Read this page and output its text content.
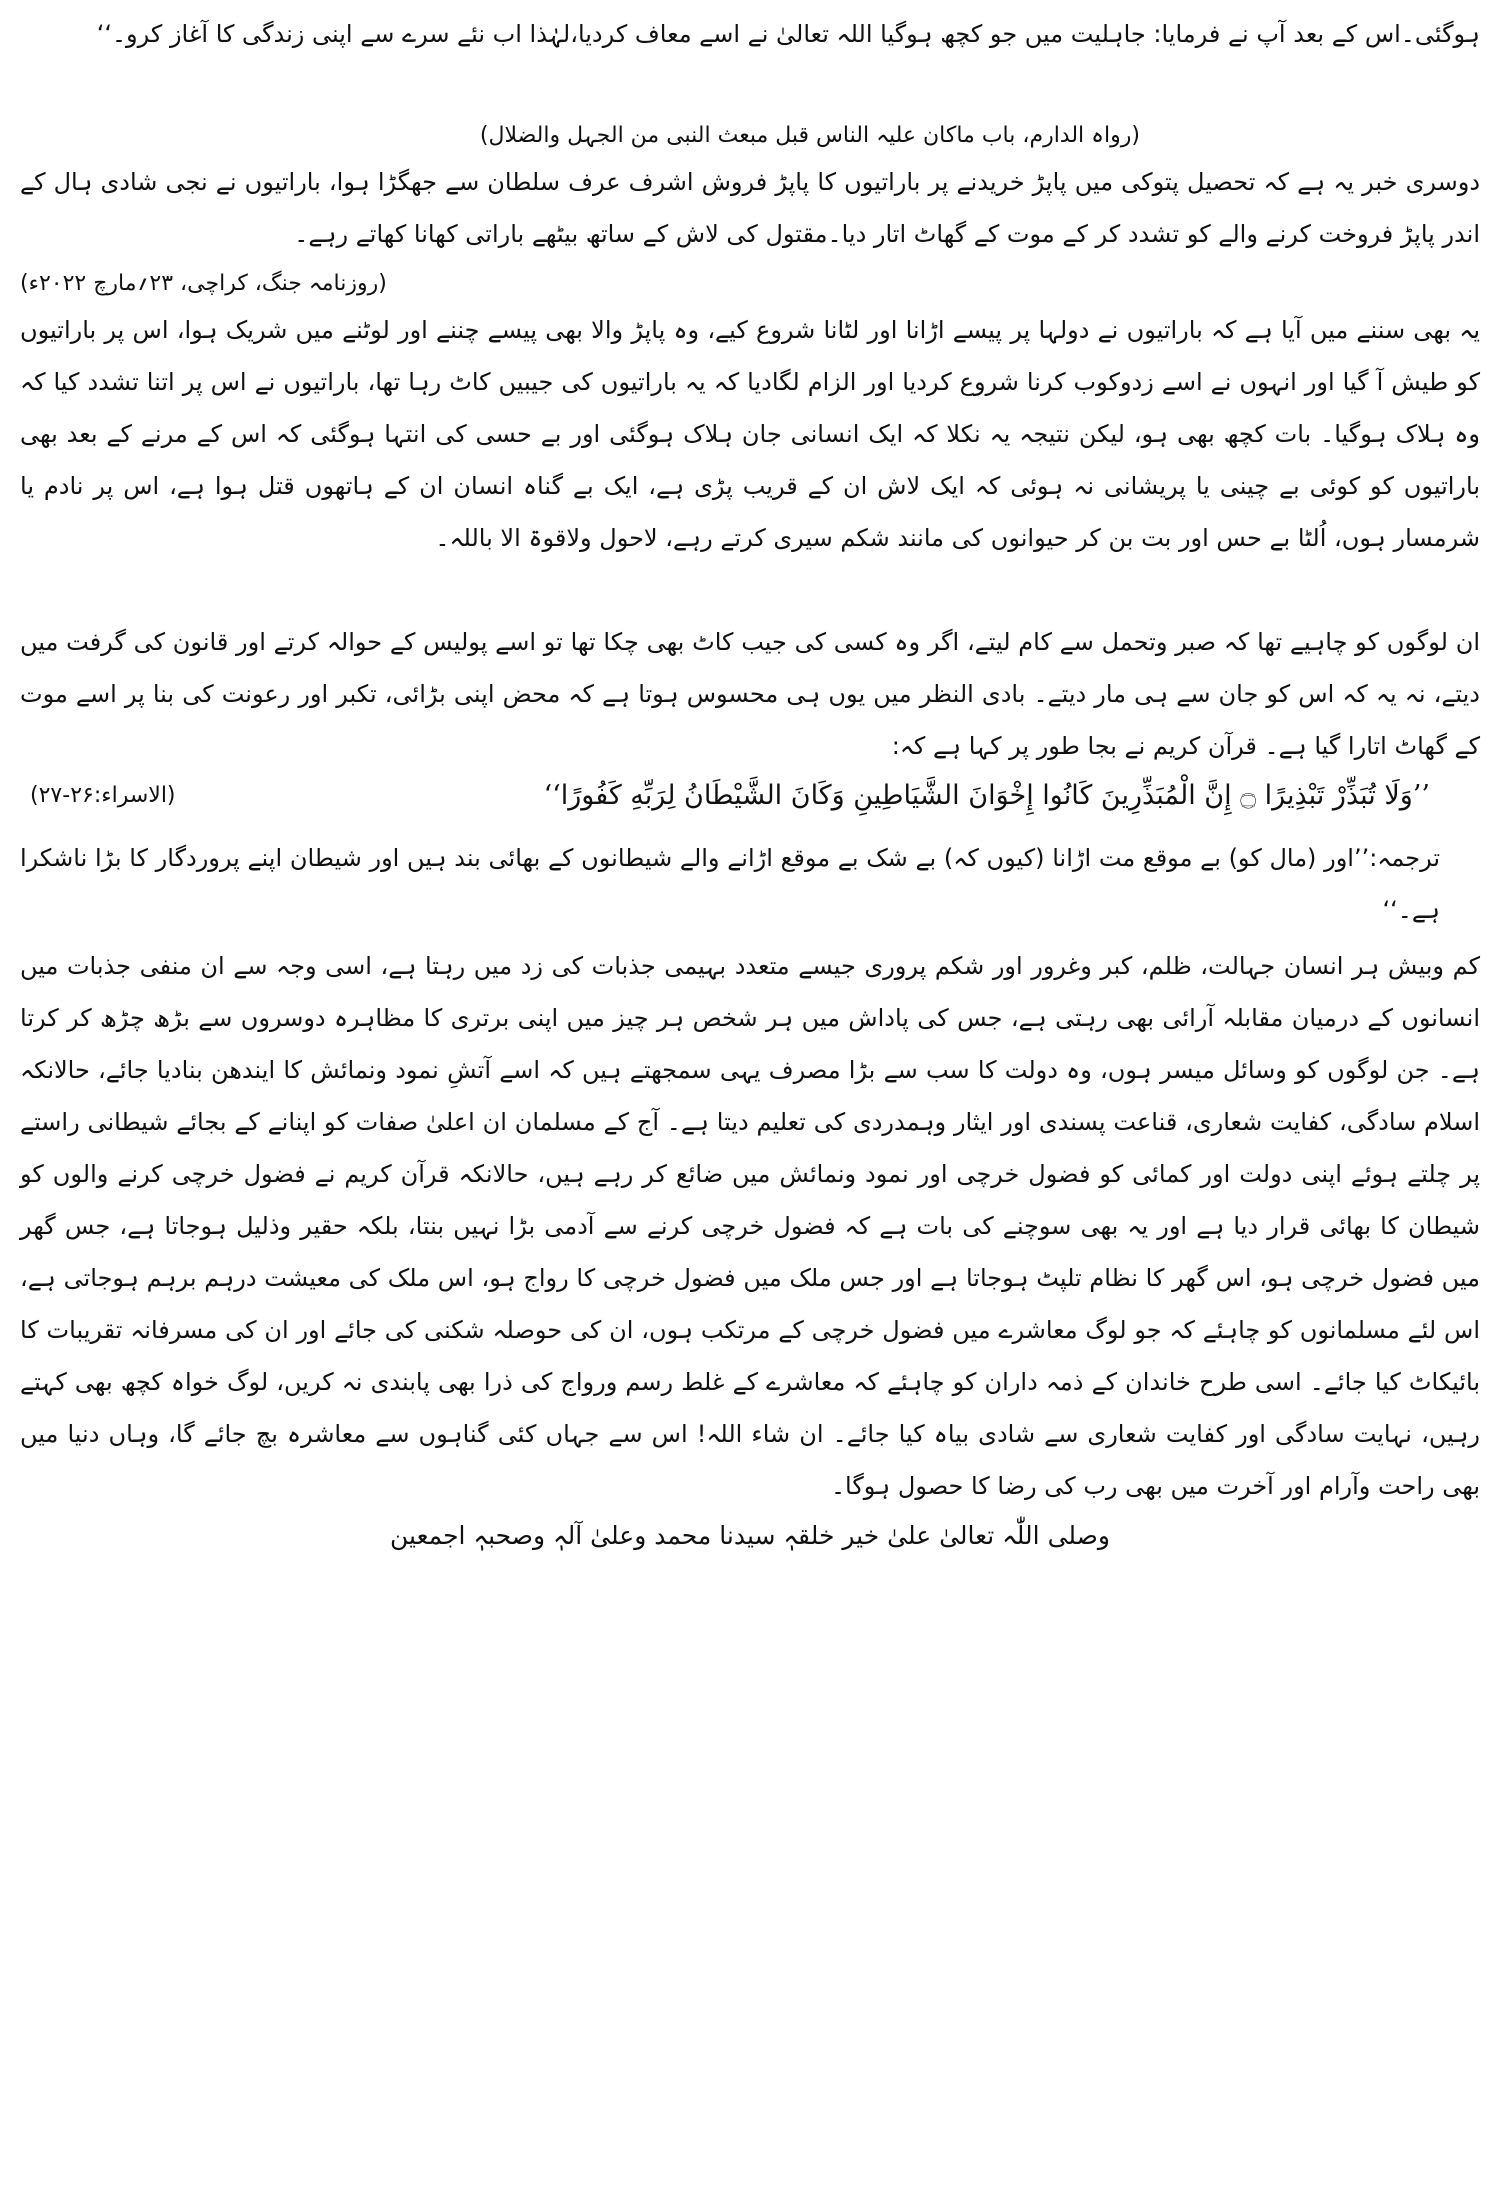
ہوگئی۔اس کے بعد آپ نے فرمایا: جاہلیت میں جو کچھ ہوگیا اللہ تعالیٰ نے اسے معاف کردیا،لہٰذا اب نئے سرے سے اپنی زندگی کا آغاز کرو۔‘‘

(رواہ الدارم، باب ماکان علیہ الناس قبل مبعث النبی من الجہل والضلال)

دوسری خبر یہ ہے کہ تحصیل پتوکی میں پاپڑ خریدنے پر باراتیوں کا پاپڑ فروش اشرف عرف سلطان سے جھگڑا ہوا، باراتیوں نے نجی شادی ہال کے اندر پاپڑ فروخت کرنے والے کو تشدد کر کے موت کے گھاٹ اتار دیا۔مقتول کی لاش کے ساتھ بیٹھے باراتی کھانا کھاتے رہے۔

(روزنامہ جنگ، کراچی، ۲۳؍مارچ ۲۰۲۲ء)

یہ بھی سننے میں آیا ہے کہ باراتیوں نے دولہا پر پیسے اڑانا اور لٹانا شروع کیے، وہ پاپڑ والا بھی پیسے چننے اور لوٹنے میں شریک ہوا، اس پر باراتیوں کو طیش آ گیا اور انہوں نے اسے زدوکوب کرنا شروع کردیا اور الزام لگادیا کہ یہ باراتیوں کی جیبیں کاٹ رہا تھا، باراتیوں نے اس پر اتنا تشدد کیا کہ وہ ہلاک ہوگیا۔ بات کچھ بھی ہو، لیکن نتیجہ یہ نکلا کہ ایک انسانی جان ہلاک ہوگئی اور بے حسی کی انتہا ہوگئی کہ اس کے مرنے کے بعد بھی باراتیوں کو کوئی بے چینی یا پریشانی نہ ہوئی کہ ایک لاش ان کے قریب پڑی ہے، ایک بے گناہ انسان ان کے ہاتھوں قتل ہوا ہے، اس پر نادم یا شرمسار ہوں، اُلٹا بے حس اور بت بن کر حیوانوں کی مانند شکم سیری کرتے رہے، لاحول ولاقوۃ الا باللہ۔

ان لوگوں کو چاہیے تھا کہ صبر وتحمل سے کام لیتے، اگر وہ کسی کی جیب کاٹ بھی چکا تھا تو اسے پولیس کے حوالہ کرتے اور قانون کی گرفت میں دیتے، نہ یہ کہ اس کو جان سے ہی مار دیتے۔ بادی النظر میں یوں ہی محسوس ہوتا ہے کہ محض اپنی بڑائی، تکبر اور رعونت کی بنا پر اسے موت کے گھاٹ اتارا گیا ہے۔ قرآن کریم نے بجا طور پر کہا ہے کہ:

’’وَلَا تُبَذِّرْ تَبْذِيرًا ۝ إِنَّ الْمُبَذِّرِينَ كَانُوا إِخْوَانَ الشَّيَاطِينِ وَكَانَ الشَّيْطَانُ لِرَبِّهِ كَفُورًا‘‘
(الاسراء:۲۶-۲۷)

ترجمہ:’’اور (مال کو) بے موقع مت اڑانا (کیوں کہ) بے شک بے موقع اڑانے والے شیطانوں کے بھائی بند ہیں اور شیطان اپنے پروردگار کا بڑا ناشکرا ہے۔‘‘

کم وبیش ہر انسان جہالت، ظلم، کبر وغرور اور شکم پروری جیسے متعدد بہیمی جذبات کی زد میں رہتا ہے، اسی وجہ سے ان منفی جذبات میں انسانوں کے درمیان مقابلہ آرائی بھی رہتی ہے، جس کی پاداش میں ہر شخص ہر چیز میں اپنی برتری کا مظاہرہ دوسروں سے بڑھ چڑھ کر کرتا ہے۔ جن لوگوں کو وسائل میسر ہوں، وہ دولت کا سب سے بڑا مصرف یہی سمجھتے ہیں کہ اسے آتشِ نمود ونمائش کا ایندھن بنادیا جائے، حالانکہ اسلام سادگی، کفایت شعاری، قناعت پسندی اور ایثار وہمدردی کی تعلیم دیتا ہے۔ آج کے مسلمان ان اعلیٰ صفات کو اپنانے کے بجائے شیطانی راستے پر چلتے ہوئے اپنی دولت اور کمائی کو فضول خرچی اور نمود ونمائش میں ضائع کر رہے ہیں، حالانکہ قرآن کریم نے فضول خرچی کرنے والوں کو شیطان کا بھائی قرار دیا ہے اور یہ بھی سوچنے کی بات ہے کہ فضول خرچی کرنے سے آدمی بڑا نہیں بنتا، بلکہ حقیر وذلیل ہوجاتا ہے، جس گھر میں فضول خرچی ہو، اس گھر کا نظام تلپٹ ہوجاتا ہے اور جس ملک میں فضول خرچی کا رواج ہو، اس ملک کی معیشت درہم برہم ہوجاتی ہے، اس لئے مسلمانوں کو چاہئے کہ جو لوگ معاشرے میں فضول خرچی کے مرتکب ہوں، ان کی حوصلہ شکنی کی جائے اور ان کی مسرفانہ تقریبات کا بائیکاٹ کیا جائے۔ اسی طرح خاندان کے ذمہ داران کو چاہئے کہ معاشرے کے غلط رسم ورواج کی ذرا بھی پابندی نہ کریں، لوگ خواہ کچھ بھی کہتے رہیں، نہایت سادگی اور کفایت شعاری سے شادی بیاہ کیا جائے۔ ان شاء اللہ! اس سے جہاں کئی گناہوں سے معاشرہ بچ جائے گا، وہاں دنیا میں بھی راحت وآرام اور آخرت میں بھی رب کی رضا کا حصول ہوگا۔

وصلی اللّٰہ تعالیٰ علیٰ خیر خلقہٖ سیدنا محمد وعلیٰ آلہٖ وصحبہٖ اجمعین
